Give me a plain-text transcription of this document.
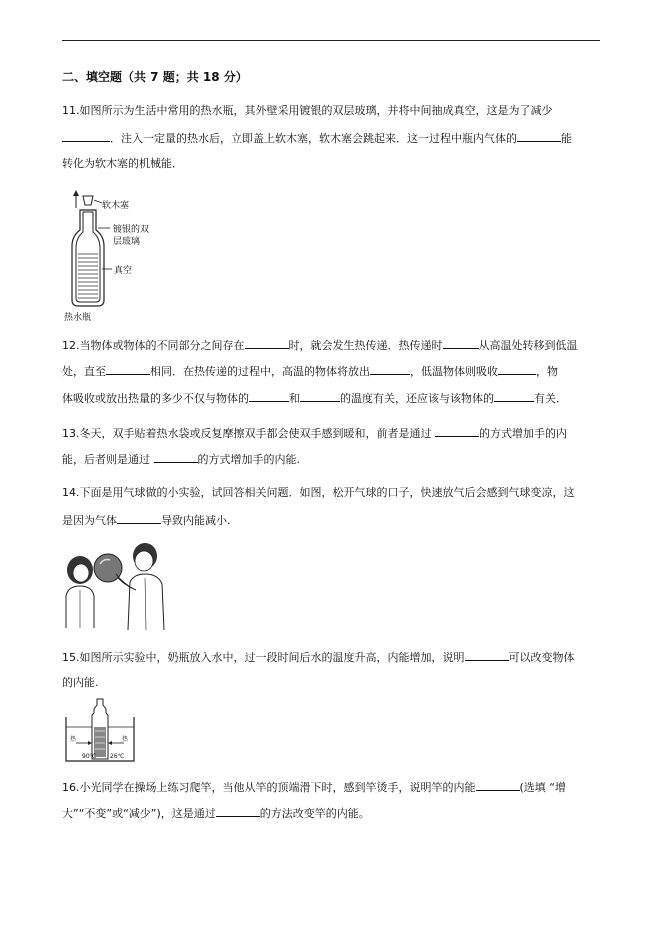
二、填空题（共 7 题；共 18 分）
11.如图所示为生活中常用的热水瓶，其外壁采用镀银的双层玻璃，并将中间抽成真空，这是为了减少
．注入一定量的热水后，立即盖上软木塞，软木塞会跳起来．这一过程中瓶内气体的	能
转化为软木塞的机械能．
软木塞
镀银的双
层玻璃
真空
热水瓶
12.当物体或物体的不同部分之间存在	时，就会发生热传递．热传递时	从高温处转移到低温
处，直至	相同．在热传递的过程中，高温的物体将放出	，低温物体则吸收	，物
体吸收或放出热量的多少不仅与物体的	和	的温度有关，还应该与该物体的	有关．
13.冬天，双手贴着热水袋或反复摩擦双手都会使双手感到暖和，前者是通过	的方式增加手的内
能，后者则是通过	的方式增加手的内能.
14.下面是用气球做的小实验，试回答相关问题．如图，松开气球的口子，快速放气后会感到气球变凉，这
是因为气体	导致内能减小.
15.如图所示实验中，奶瓶放入水中，过一段时间后水的温度升高，内能增加，说明	可以改变物体
的内能.
热	热
90℃ 26℃
16.小光同学在操场上练习爬竿，当他从竿的顶端滑下时，感到竿烫手，说明竿的内能	(选填 “增
大”“不变”或“减少”)，这是通过	的方法改变竿的内能。
